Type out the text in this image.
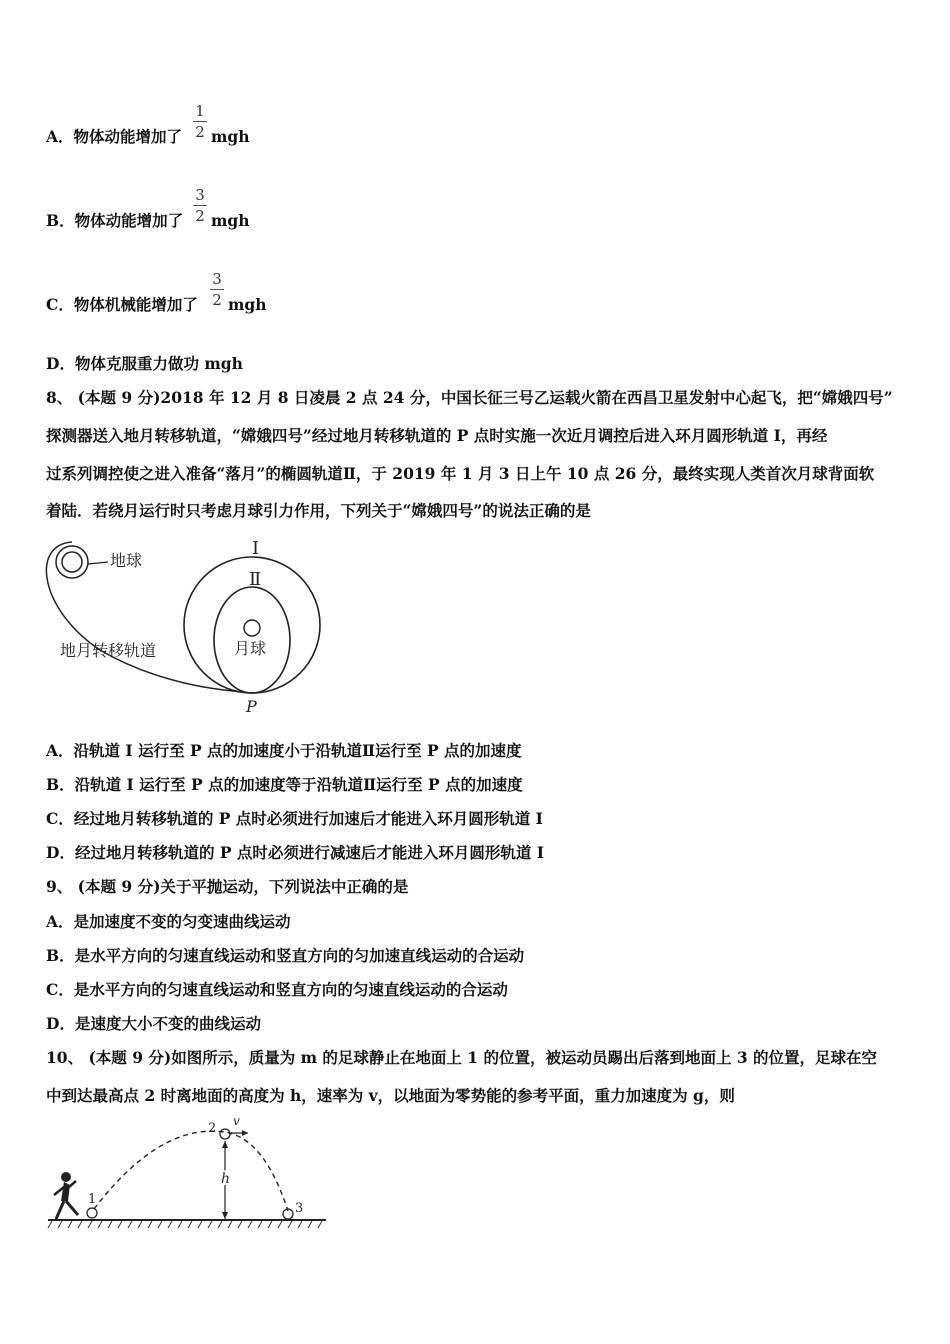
A．物体动能增加了
1
2 mgh
B．物体动能增加了
3
2 mgh
C．物体机械能增加了
3
2 mgh
D．物体克服重力做功 mgh
8、 (本题 9 分)2018 年 12 月 8 日凌晨 2 点 24 分，中国长征三号乙运载火箭在西昌卫星发射中心起飞，把“嫦娥四号”
探测器送入地月转移轨道，“嫦娥四号”经过地月转移轨道的 P 点时实施一次近月调控后进入环月圆形轨道 I，再经
过系列调控使之进入准备“落月”的椭圆轨道Ⅱ，于 2019 年 1 月 3 日上午 10 点 26 分，最终实现人类首次月球背面软
着陆．若绕月运行时只考虑月球引力作用，下列关于“嫦娥四号”的说法正确的是
地球
地月转移轨道
I
Ⅱ
月球
P
A．沿轨道 I 运行至 P 点的加速度小于沿轨道Ⅱ运行至 P 点的加速度
B．沿轨道 I 运行至 P 点的加速度等于沿轨道Ⅱ运行至 P 点的加速度
C．经过地月转移轨道的 P 点时必须进行加速后才能进入环月圆形轨道 I
D．经过地月转移轨道的 P 点时必须进行减速后才能进入环月圆形轨道 I
9、 (本题 9 分)关于平抛运动，下列说法中正确的是
A．是加速度不变的匀变速曲线运动
B．是水平方向的匀速直线运动和竖直方向的匀加速直线运动的合运动
C．是水平方向的匀速直线运动和竖直方向的匀速直线运动的合运动
D．是速度大小不变的曲线运动
10、 (本题 9 分)如图所示，质量为 m 的足球静止在地面上 1 的位置，被运动员踢出后落到地面上 3 的位置，足球在空
中到达最高点 2 时离地面的高度为 h，速率为 v，以地面为零势能的参考平面，重力加速度为 g，则
1
2 v
h
3
